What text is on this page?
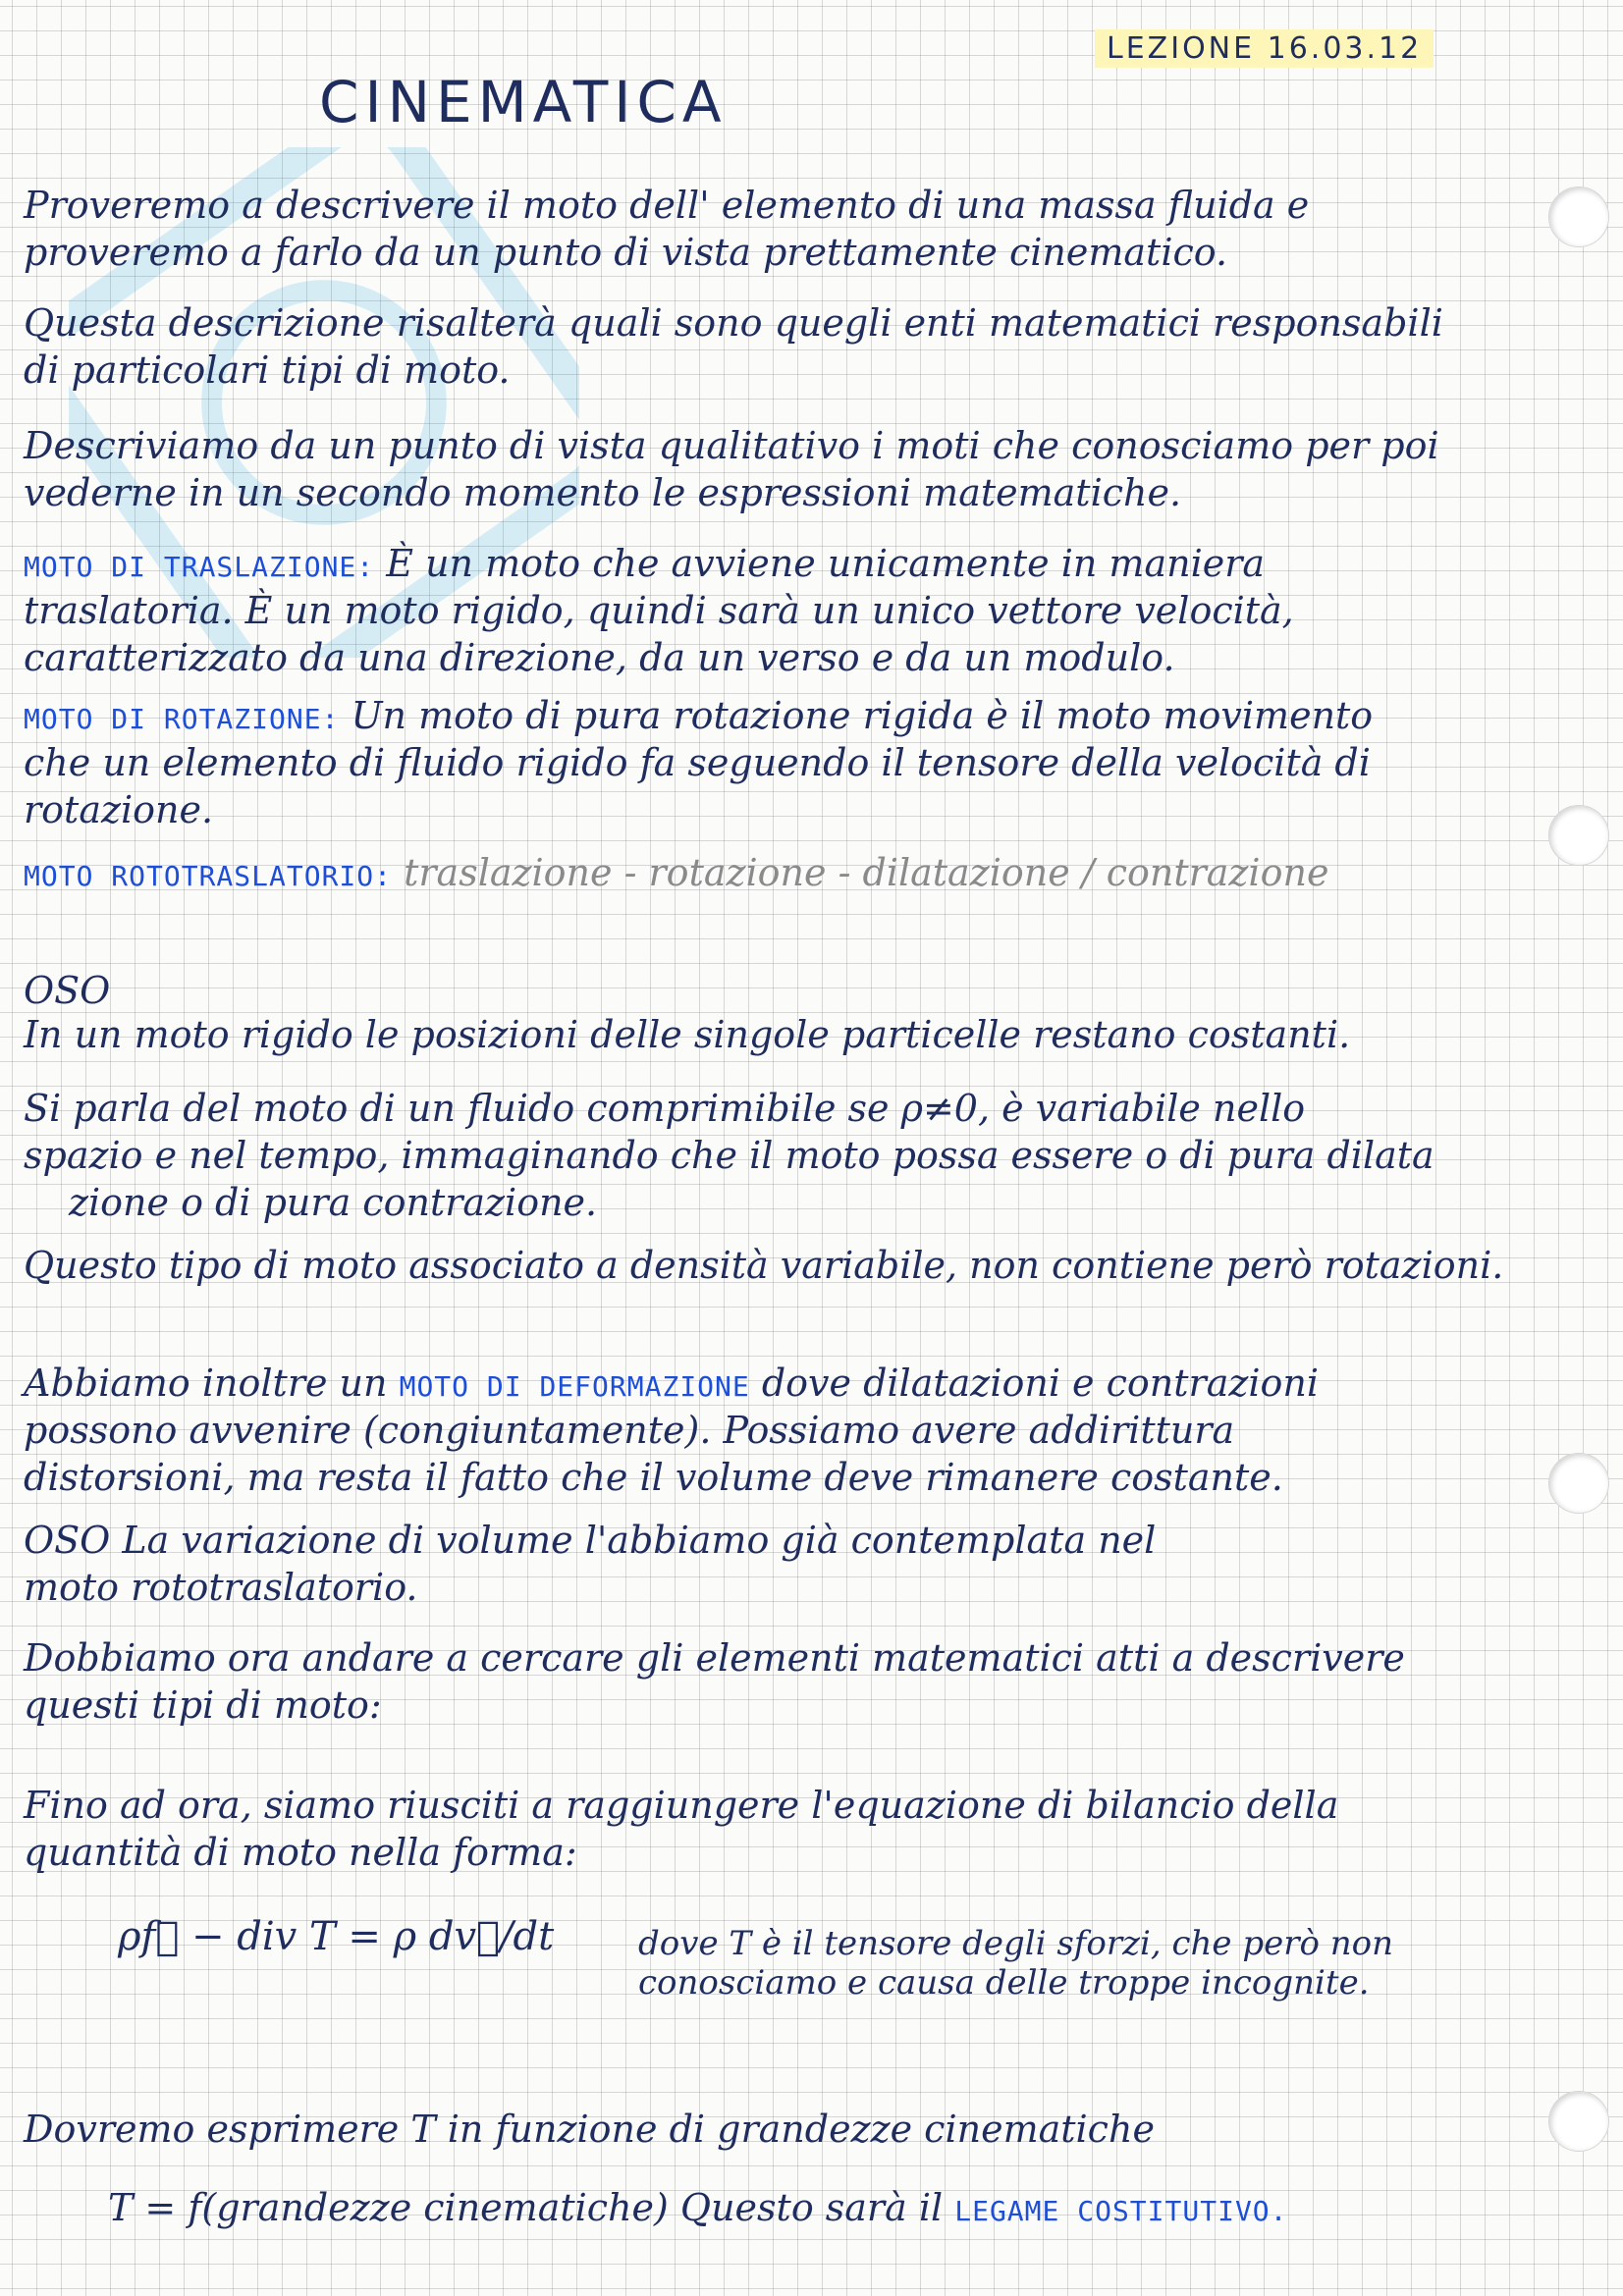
LEZIONE 16.03.12
CINEMATICA
Proveremo a descrivere il moto dell' elemento di una massa fluida e
proveremo a farlo da un punto di vista prettamente cinematico.
Questa descrizione risalterà quali sono quegli enti matematici responsabili
di particolari tipi di moto.
Descriviamo da un punto di vista qualitativo i moti che conosciamo per poi
vederne in un secondo momento le espressioni matematiche.
MOTO DI TRASLAZIONE: È un moto che avviene unicamente in maniera
traslatoria. È un moto rigido, quindi sarà un unico vettore velocità,
caratterizzato da una direzione, da un verso e da un modulo.
MOTO DI ROTAZIONE: Un moto di pura rotazione rigida è il moto movimento
che un elemento di fluido rigido fa seguendo il tensore della velocità di
rotazione.
MOTO ROTOTRASLATORIO: traslazione - rotazione - dilatazione / contrazione
OSO
In un moto rigido le posizioni delle singole particelle restano costanti.
Si parla del moto di un fluido comprimibile se ρ≠0, è variabile nello
spazio e nel tempo, immaginando che il moto possa essere o di pura dilata
zione o di pura contrazione.
Questo tipo di moto associato a densità variabile, non contiene però rotazioni.
Abbiamo inoltre un MOTO DI DEFORMAZIONE dove dilatazioni e contrazioni
possono avvenire (congiuntamente). Possiamo avere addirittura
distorsioni, ma resta il fatto che il volume deve rimanere costante.
OSO La variazione di volume l'abbiamo già contemplata nel
moto rototraslatorio.
Dobbiamo ora andare a cercare gli elementi matematici atti a descrivere
questi tipi di moto:
Fino ad ora, siamo riusciti a raggiungere l'equazione di bilancio della
quantità di moto nella forma:
ρf⃗ − div T = ρ dv⃗/dt	dove T è il tensore degli sforzi, che però non conosciamo e causa delle troppe incognite.
Dovremo esprimere T in funzione di grandezze cinematiche
T = f(grandezze cinematiche) Questo sarà il LEGAME COSTITUTIVO.
